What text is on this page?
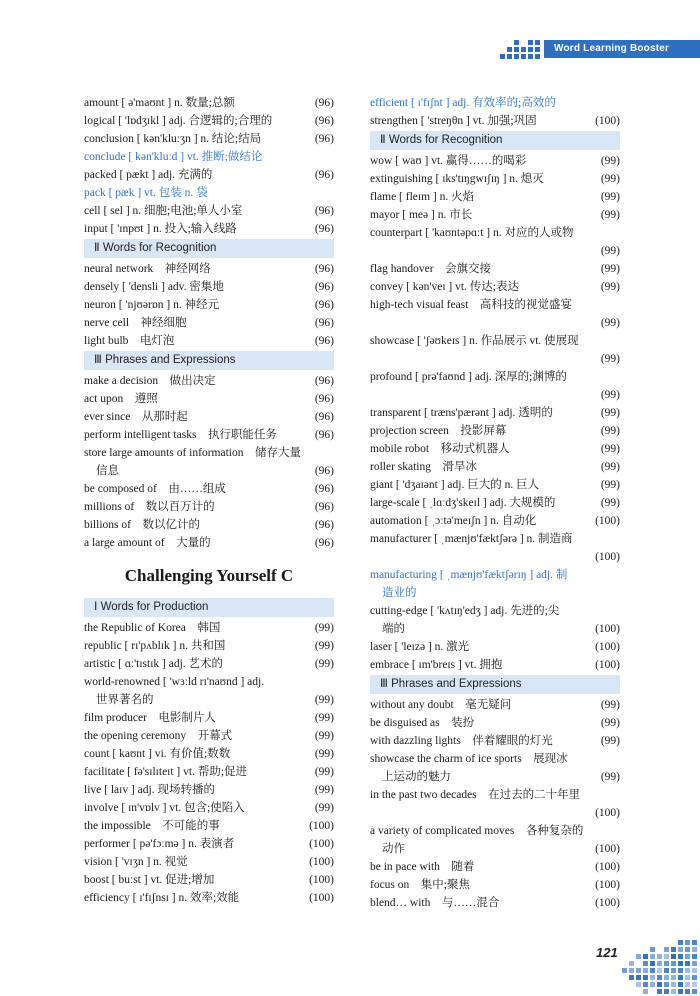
Word Learning Booster
amount [ ə'maʊnt ] n. 数量;总额	(96)
logical [ 'lɒdʒɪkl ] adj. 合逻辑的;合理的	(96)
conclusion [ kən'kluːʒn ] n. 结论;结局	(96)
conclude [ kən'kluːd ] vt. 推断;做结论
packed [ pækt ] adj. 充满的	(96)
pack [ pæk ] vt. 包装 n. 袋
cell [ sel ] n. 细胞;电池;单人小室	(96)
input [ 'ɪnpʊt ] n. 投入;输入线路	(96)
Ⅱ Words for Recognition
neural network　神经网络	(96)
densely [ 'densli ] adv. 密集地	(96)
neuron [ 'njʊərɒn ] n. 神经元	(96)
nerve cell　神经细胞	(96)
light bulb　电灯泡	(96)
Ⅲ Phrases and Expressions
make a decision　做出决定	(96)
act upon　遵照	(96)
ever since　从那时起	(96)
perform intelligent tasks　执行职能任务	(96)
store large amounts of information　储存大量
信息	(96)
be composed of　由……组成	(96)
millions of　数以百万计的	(96)
billions of　数以亿计的	(96)
a large amount of　大量的	(96)
Challenging Yourself C
Ⅰ Words for Production
the Republic of Korea　韩国	(99)
republic [ rɪ'pʌblɪk ] n. 共和国	(99)
artistic [ ɑː'tɪstɪk ] adj. 艺术的	(99)
world-renowned [ 'wɜːld rɪ'naʊnd ] adj.
世界著名的	(99)
film producer　电影制片人	(99)
the opening ceremony　开幕式	(99)
count [ kaʊnt ] vi. 有价值;数数	(99)
facilitate [ fə'sɪlɪteɪt ] vt. 帮助;促进	(99)
live [ laɪv ] adj. 现场转播的	(99)
involve [ ɪn'vɒlv ] vt. 包含;使陷入	(99)
the impossible　不可能的事	(100)
performer [ pə'fɔːmə ] n. 表演者	(100)
vision [ 'vɪʒn ] n. 视觉	(100)
boost [ buːst ] vt. 促进;增加	(100)
efficiency [ ɪ'fɪʃnsɪ ] n. 效率;效能	(100)
efficient [ ɪ'fɪʃnt ] adj. 有效率的;高效的
strengthen [ 'streŋθn ] vt. 加强;巩固	(100)
Ⅱ Words for Recognition
wow [ waʊ ] vt. 赢得……的喝彩	(99)
extinguishing [ ɪks'tɪŋgwɪʃɪŋ ] n. 熄灭	(99)
flame [ fleɪm ] n. 火焰	(99)
mayor [ meə ] n. 市长	(99)
counterpart [ 'kaʊntəpɑːt ] n. 对应的人或物
(99)
flag handover　会旗交接	(99)
convey [ kən'veɪ ] vt. 传达;表达	(99)
high-tech visual feast　高科技的视觉盛宴
(99)
showcase [ 'ʃəʊkeɪs ] n. 作品展示 vt. 使展现
(99)
profound [ prə'faʊnd ] adj. 深厚的;渊博的
(99)
transparent [ træns'pærənt ] adj. 透明的	(99)
projection screen　投影屏幕	(99)
mobile robot　移动式机器人	(99)
roller skating　滑旱冰	(99)
giant [ 'dʒaɪənt ] adj. 巨大的 n. 巨人	(99)
large-scale [ ˌlɑːdʒ'skeɪl ] adj. 大规模的	(99)
automation [ ˌɔːtə'meɪʃn ] n. 自动化	(100)
manufacturer [ ˌmænjʊ'fæktʃərə ] n. 制造商
(100)
manufacturing [ ˌmænjʊ'fæktʃərɪŋ ] adj. 制
造业的
cutting-edge [ 'kʌtɪŋ'edʒ ] adj. 先进的;尖
端的	(100)
laser [ 'leɪzə ] n. 激光	(100)
embrace [ ɪm'breɪs ] vt. 拥抱	(100)
Ⅲ Phrases and Expressions
without any doubt　毫无疑问	(99)
be disguised as　装扮	(99)
with dazzling lights　伴着耀眼的灯光	(99)
showcase the charm of ice sports　展现冰
上运动的魅力	(99)
in the past two decades　在过去的二十年里
(100)
a variety of complicated moves　各种复杂的
动作	(100)
be in pace with　随着	(100)
focus on　集中;聚焦	(100)
blend… with　与……混合	(100)
121
